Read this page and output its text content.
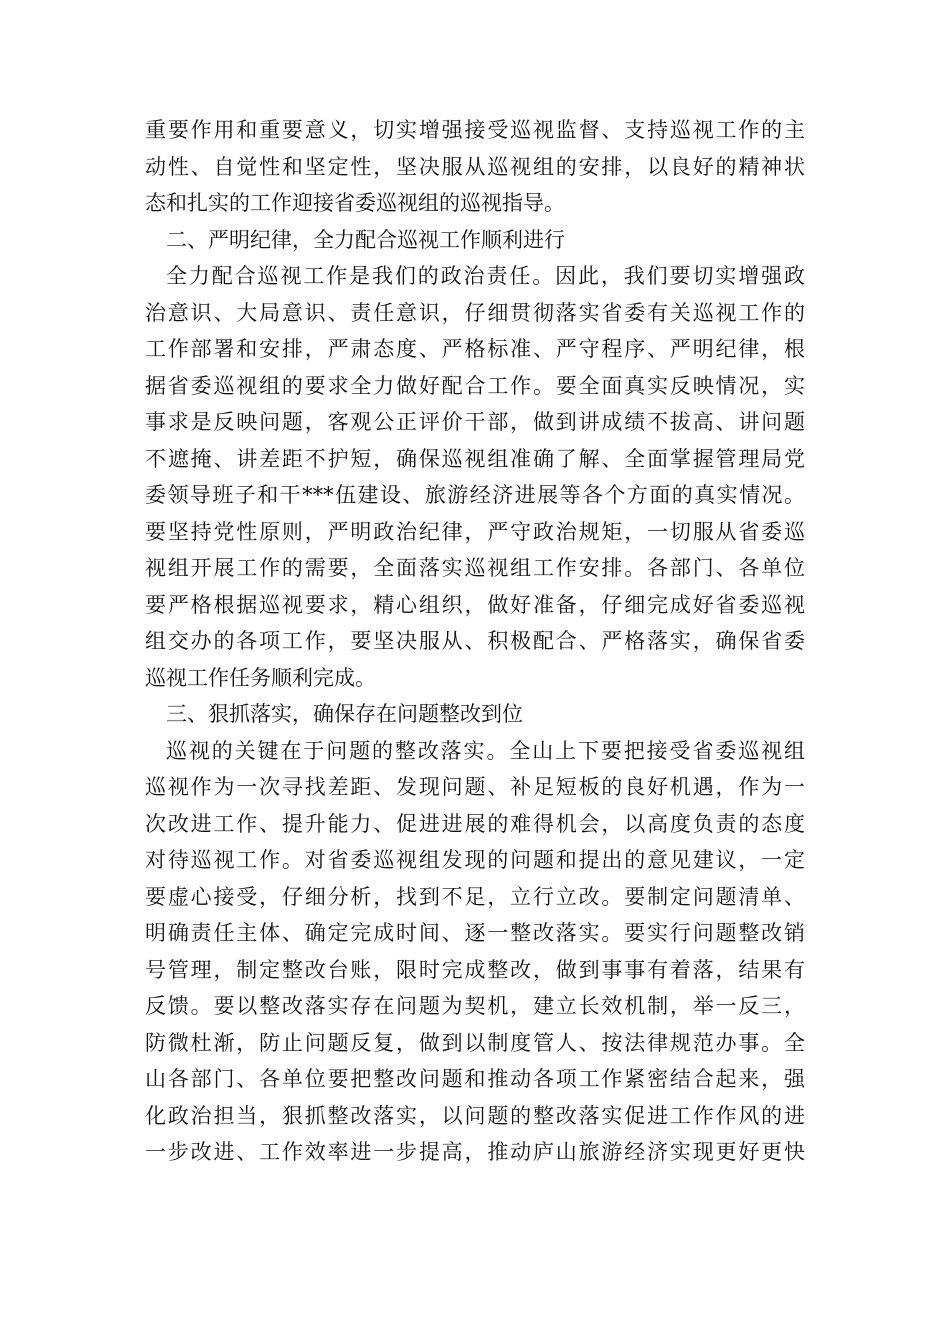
重要作用和重要意义，切实增强接受巡视监督、支持巡视工作的主
动性、自觉性和坚定性，坚决服从巡视组的安排，以良好的精神状
态和扎实的工作迎接省委巡视组的巡视指导。
二、严明纪律，全力配合巡视工作顺利进行
全力配合巡视工作是我们的政治责任。因此，我们要切实增强政
治意识、大局意识、责任意识，仔细贯彻落实省委有关巡视工作的
工作部署和安排，严肃态度、严格标准、严守程序、严明纪律，根
据省委巡视组的要求全力做好配合工作。要全面真实反映情况，实
事求是反映问题，客观公正评价干部，做到讲成绩不拔高、讲问题
不遮掩、讲差距不护短，确保巡视组准确了解、全面掌握管理局党
委领导班子和干***伍建设、旅游经济进展等各个方面的真实情况。
要坚持党性原则，严明政治纪律，严守政治规矩，一切服从省委巡
视组开展工作的需要，全面落实巡视组工作安排。各部门、各单位
要严格根据巡视要求，精心组织，做好准备，仔细完成好省委巡视
组交办的各项工作，要坚决服从、积极配合、严格落实，确保省委
巡视工作任务顺利完成。
三、狠抓落实，确保存在问题整改到位
巡视的关键在于问题的整改落实。全山上下要把接受省委巡视组
巡视作为一次寻找差距、发现问题、补足短板的良好机遇，作为一
次改进工作、提升能力、促进进展的难得机会，以高度负责的态度
对待巡视工作。对省委巡视组发现的问题和提出的意见建议，一定
要虚心接受，仔细分析，找到不足，立行立改。要制定问题清单、
明确责任主体、确定完成时间、逐一整改落实。要实行问题整改销
号管理，制定整改台账，限时完成整改，做到事事有着落，结果有
反馈。要以整改落实存在问题为契机，建立长效机制，举一反三，
防微杜渐，防止问题反复，做到以制度管人、按法律规范办事。全
山各部门、各单位要把整改问题和推动各项工作紧密结合起来，强
化政治担当，狠抓整改落实，以问题的整改落实促进工作作风的进
一步改进、工作效率进一步提高，推动庐山旅游经济实现更好更快
